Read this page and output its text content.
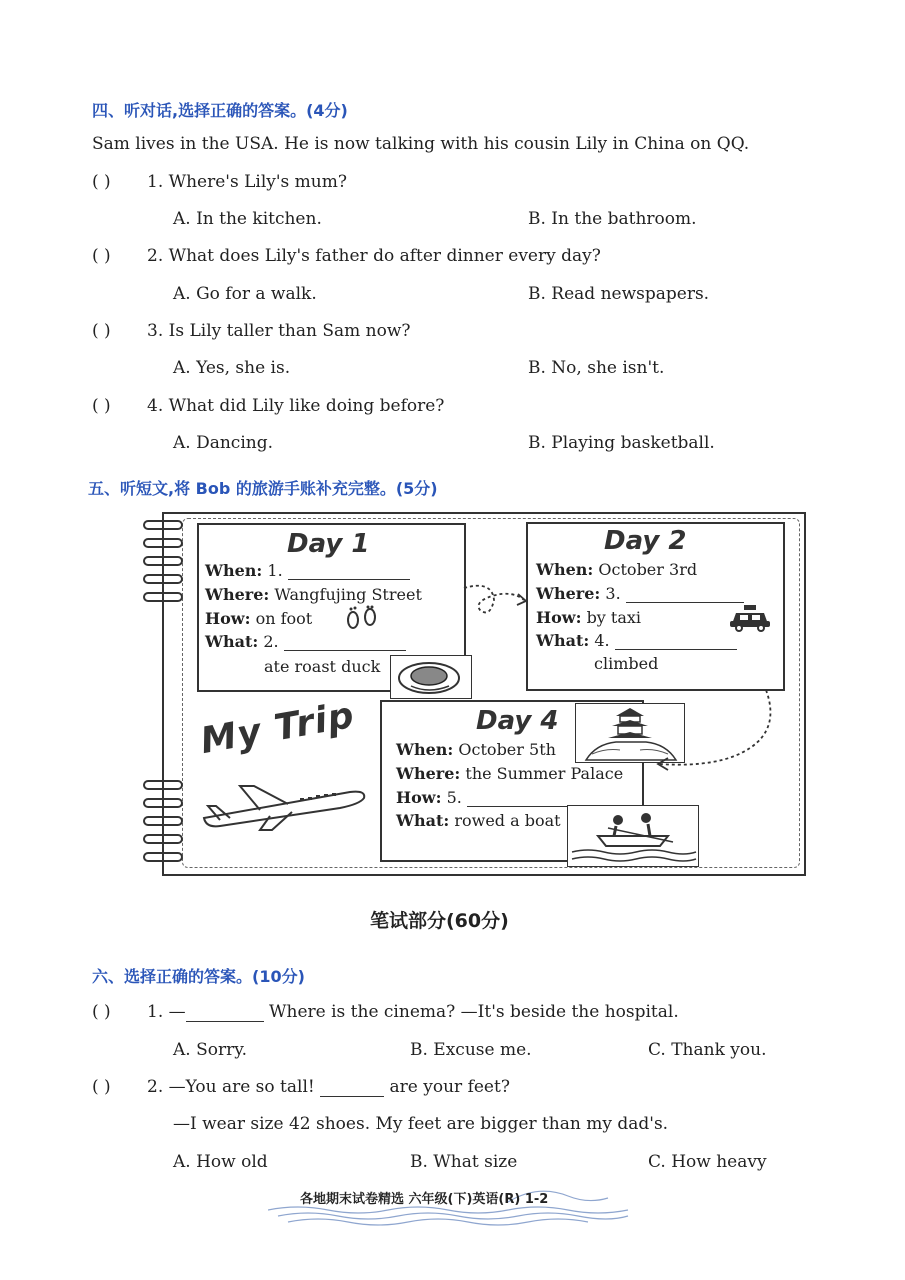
四、听对话,选择正确的答案。(4分)
Sam lives in the USA. He is now talking with his cousin Lily in China on QQ.
( ) 1. Where's Lily's mum?
A. In the kitchen.	B. In the bathroom.
( ) 2. What does Lily's father do after dinner every day?
A. Go for a walk.	B. Read newspapers.
( ) 3. Is Lily taller than Sam now?
A. Yes, she is.	B. No, she isn't.
( ) 4. What did Lily like doing before?
A. Dancing.	B. Playing basketball.
五、听短文,将 Bob 的旅游手账补充完整。(5分)
Day 1
When: 1.
Where: Wangfujing Street
How: on foot
What: 2.
ate roast duck
Day 2
When: October 3rd
Where: 3.
How: by taxi
What: 4.
climbed
Day 4
When: October 5th
Where: the Summer Palace
How: 5.
What: rowed a boat
My Trip
笔试部分(60分)
六、选择正确的答案。(10分)
( ) 1. —	Where is the cinema? —It's beside the hospital.
A. Sorry.	B. Excuse me.	C. Thank you.
( ) 2. —You are so tall!	are your feet?
—I wear size 42 shoes. My feet are bigger than my dad's.
A. How old	B. What size	C. How heavy
各地期末试卷精选 六年级(下)英语(R) 1-2
